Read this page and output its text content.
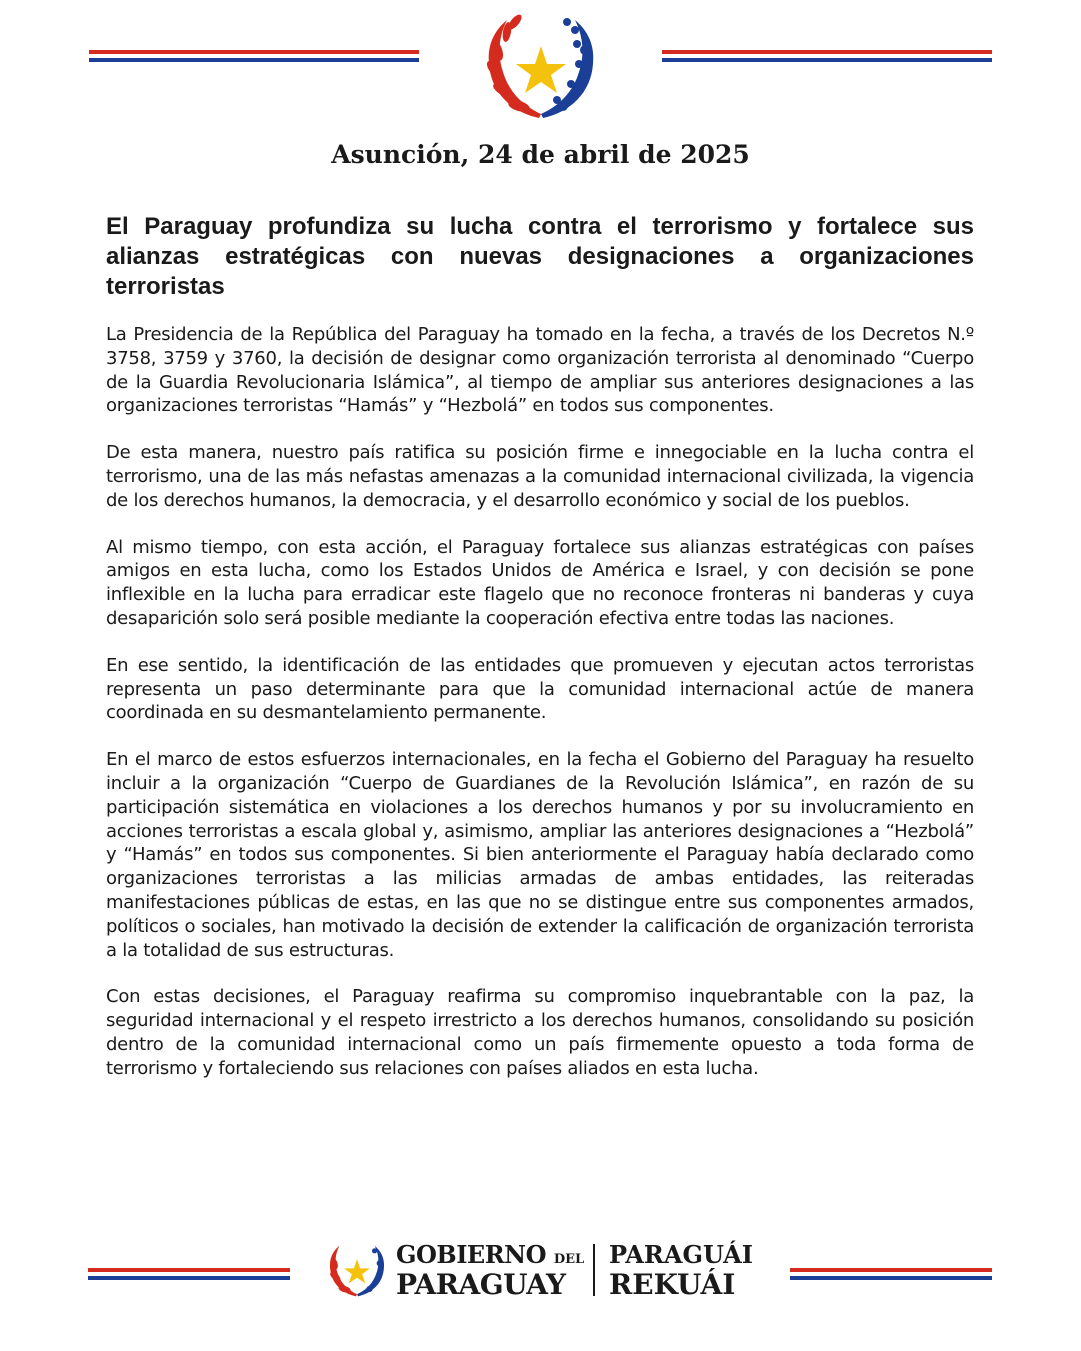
Asunción, 24 de abril de 2025
El Paraguay profundiza su lucha contra el terrorismo y fortalece sus alianzas estratégicas con nuevas designaciones a organizaciones terroristas

La Presidencia de la República del Paraguay ha tomado en la fecha, a través de los Decretos N.º 3758, 3759 y 3760, la decisión de designar como organización terrorista al denominado “Cuerpo de la Guardia Revolucionaria Islámica”, al tiempo de ampliar sus anteriores designaciones a las organizaciones terroristas “Hamás” y “Hezbolá” en todos sus componentes.

De esta manera, nuestro país ratifica su posición firme e innegociable en la lucha contra el terrorismo, una de las más nefastas amenazas a la comunidad internacional civilizada, la vigencia de los derechos humanos, la democracia, y el desarrollo económico y social de los pueblos.

Al mismo tiempo, con esta acción, el Paraguay fortalece sus alianzas estratégicas con países amigos en esta lucha, como los Estados Unidos de América e Israel, y con decisión se pone inflexible en la lucha para erradicar este flagelo que no reconoce fronteras ni banderas y cuya desaparición solo será posible mediante la cooperación efectiva entre todas las naciones.

En ese sentido, la identificación de las entidades que promueven y ejecutan actos terroristas representa un paso determinante para que la comunidad internacional actúe de manera coordinada en su desmantelamiento permanente.

En el marco de estos esfuerzos internacionales, en la fecha el Gobierno del Paraguay ha resuelto incluir a la organización “Cuerpo de Guardianes de la Revolución Islámica”, en razón de su participación sistemática en violaciones a los derechos humanos y por su involucramiento en acciones terroristas a escala global y, asimismo, ampliar las anteriores designaciones a “Hezbolá” y “Hamás” en todos sus componentes. Si bien anteriormente el Paraguay había declarado como organizaciones terroristas a las milicias armadas de ambas entidades, las reiteradas manifestaciones públicas de estas, en las que no se distingue entre sus componentes armados, políticos o sociales, han motivado la decisión de extender la calificación de organización terrorista a la totalidad de sus estructuras.

Con estas decisiones, el Paraguay reafirma su compromiso inquebrantable con la paz, la seguridad internacional y el respeto irrestricto a los derechos humanos, consolidando su posición dentro de la comunidad internacional como un país firmemente opuesto a toda forma de terrorismo y fortaleciendo sus relaciones con países aliados en esta lucha.

GOBIERNO DEL
PARAGUAY
PARAGUÁI
REKUÁI
